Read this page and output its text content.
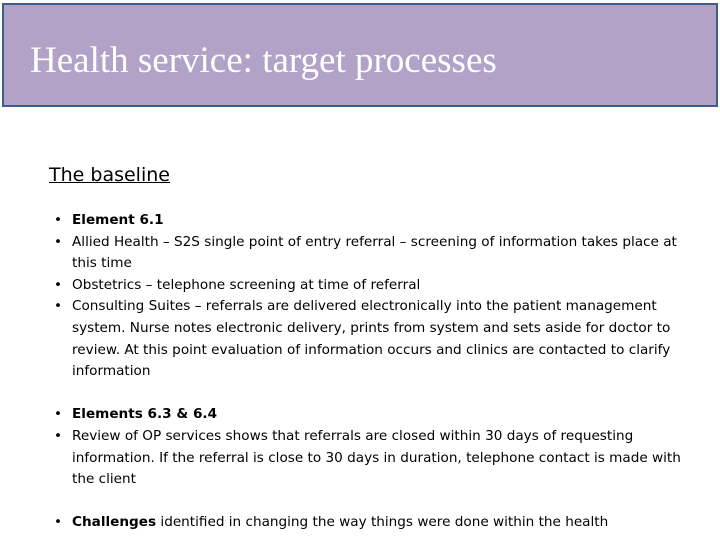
Health service: target processes
The baseline
• Element 6.1
• Allied Health – S2S single point of entry referral – screening of information takes place at this time
• Obstetrics – telephone screening at time of referral
• Consulting Suites – referrals are delivered electronically into the patient management system. Nurse notes electronic delivery, prints from system and sets aside for doctor to review. At this point evaluation of information occurs and clinics are contacted to clarify information
• Elements 6.3 & 6.4
• Review of OP services shows that referrals are closed within 30 days of requesting information. If the referral is close to 30 days in duration, telephone contact is made with the client
• Challenges identified in changing the way things were done within the health
